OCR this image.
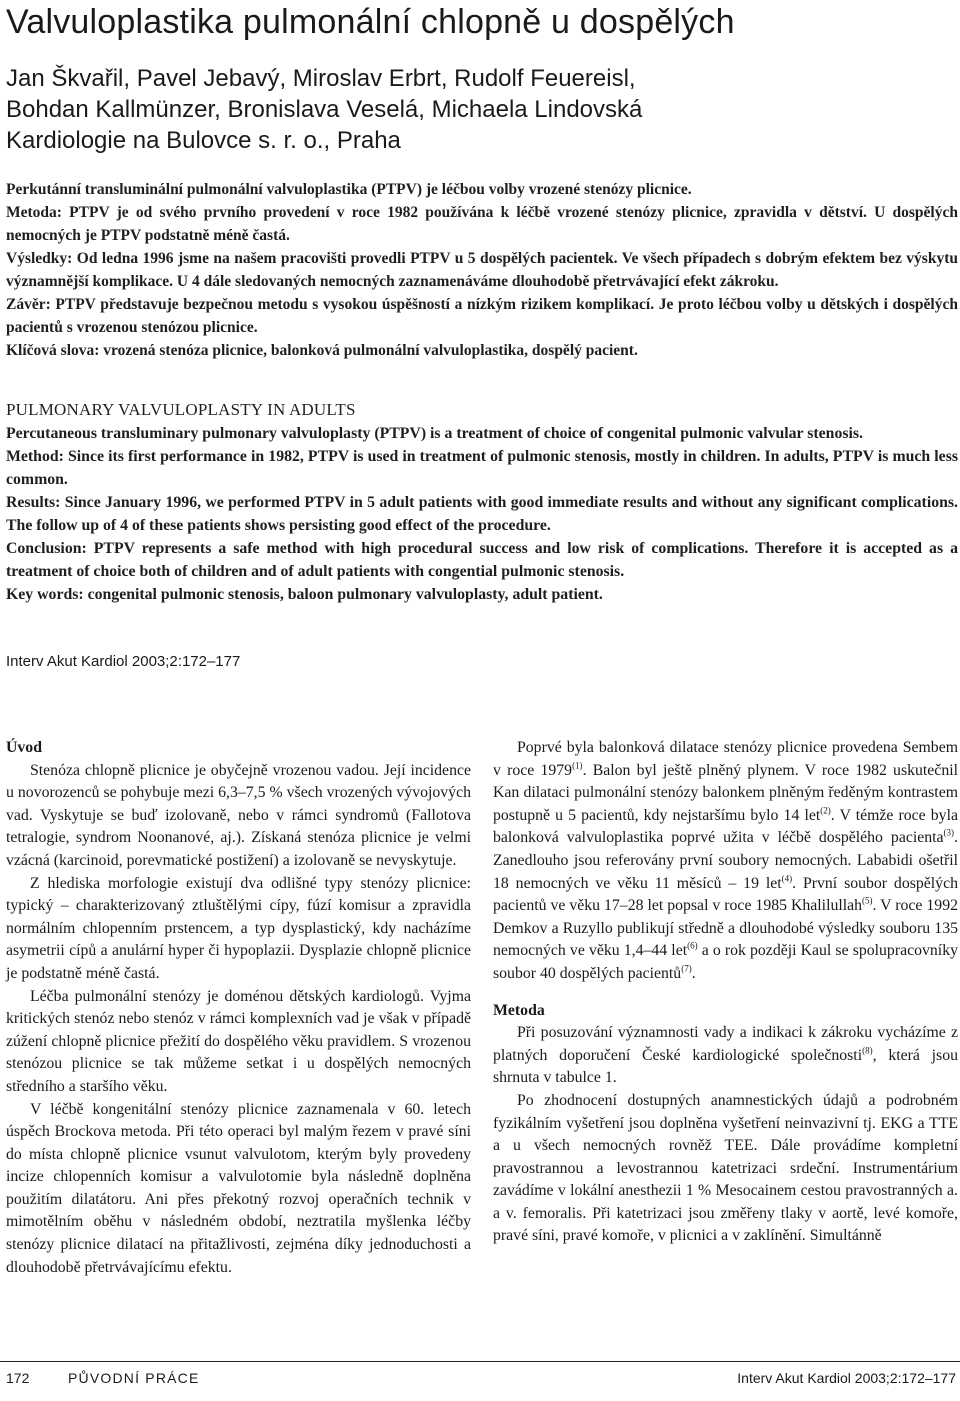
Valvuloplastika pulmonální chlopně u dospělých
Jan Škvařil, Pavel Jebavý, Miroslav Erbrt, Rudolf Feuereisl,
Bohdan Kallmünzer, Bronislava Veselá, Michaela Lindovská
Kardiologie na Bulovce s. r. o., Praha

Perkutánní transluminální pulmonální valvuloplastika (PTPV) je léčbou volby vrozené stenózy plicnice.

Metoda: PTPV je od svého prvního provedení v roce 1982 používána k léčbě vrozené stenózy plicnice, zpravidla v dětství. U dospělých nemocných je PTPV podstatně méně častá.

Výsledky: Od ledna 1996 jsme na našem pracovišti provedli PTPV u 5 dospělých pacientek. Ve všech případech s dobrým efektem bez výskytu významnější komplikace. U 4 dále sledovaných nemocných zaznamenáváme dlouhodobě přetrvávající efekt zákroku.

Závěr: PTPV představuje bezpečnou metodu s vysokou úspěšností a nízkým rizikem komplikací. Je proto léčbou volby u dětských i dospělých pacientů s vrozenou stenózou plicnice.

Klíčová slova: vrozená stenóza plicnice, balonková pulmonální valvuloplastika, dospělý pacient.

PULMONARY VALVULOPLASTY IN ADULTS

Percutaneous transluminary pulmonary valvuloplasty (PTPV) is a treatment of choice of congenital pulmonic valvular stenosis.

Method: Since its first performance in 1982, PTPV is used in treatment of pulmonic stenosis, mostly in children. In adults, PTPV is much less common.

Results: Since January 1996, we performed PTPV in 5 adult patients with good immediate results and without any significant complications. The follow up of 4 of these patients shows persisting good effect of the procedure.

Conclusion: PTPV represents a safe method with high procedural success and low risk of complications. Therefore it is accepted as a treatment of choice both of children and of adult patients with congential pulmonic stenosis.

Key words: congenital pulmonic stenosis, baloon pulmonary valvuloplasty, adult patient.

Interv Akut Kardiol 2003;2:172–177

Úvod

Stenóza chlopně plicnice je obyčejně vrozenou vadou. Její incidence u novorozenců se pohybuje mezi 6,3–7,5 % všech vrozených vývojových vad. Vyskytuje se buď izolovaně, nebo v rámci syndromů (Fallotova tetralogie, syndrom Noonanové, aj.). Získaná stenóza plicnice je velmi vzácná (karcinoid, porevmatické postižení) a izolovaně se nevyskytuje.

Z hlediska morfologie existují dva odlišné typy stenózy plicnice: typický – charakterizovaný ztluštělými cípy, fúzí komisur a zpravidla normálním chlopenním prstencem, a typ dysplastický, kdy nacházíme asymetrii cípů a anulární hyper či hypoplazii. Dysplazie chlopně plicnice je podstatně méně častá.

Léčba pulmonální stenózy je doménou dětských kardiologů. Vyjma kritických stenóz nebo stenóz v rámci komplexních vad je však v případě zúžení chlopně plicnice přežití do dospělého věku pravidlem. S vrozenou stenózou plicnice se tak můžeme setkat i u dospělých nemocných středního a staršího věku.

V léčbě kongenitální stenózy plicnice zaznamenala v 60. letech úspěch Brockova metoda. Při této operaci byl malým řezem v pravé síni do místa chlopně plicnice vsunut valvulotom, kterým byly provedeny incize chlopenních komisur a valvulotomie byla následně doplněna použitím dilatátoru. Ani přes překotný rozvoj operačních technik v mimotělním oběhu v následném období, neztratila myšlenka léčby stenózy plicnice dilatací na přitažlivosti, zejména díky jednoduchosti a dlouhodobě přetrvávajícímu efektu.

Poprvé byla balonková dilatace stenózy plicnice provedena Sembem v roce 1979$^{(1)}$. Balon byl ještě plněný plynem. V roce 1982 uskutečnil Kan dilataci pulmonální stenózy balonkem plněným ředěným kontrastem postupně u 5 pacientů, kdy nejstaršímu bylo 14 let$^{(2)}$. V témže roce byla balonková valvuloplastika poprvé užita v léčbě dospělého pacienta$^{(3)}$. Zanedlouho jsou referovány první soubory nemocných. Lababidi ošetřil 18 nemocných ve věku 11 měsíců – 19 let$^{(4)}$. První soubor dospělých pacientů ve věku 17–28 let popsal v roce 1985 Khalilullah$^{(5)}$. V roce 1992 Demkov a Ruzyllo publikují středně a dlouhodobé výsledky souboru 135 nemocných ve věku 1,4–44 let$^{(6)}$ a o rok později Kaul se spolupracovníky soubor 40 dospělých pacientů$^{(7)}$.

Metoda

Při posuzování významnosti vady a indikaci k zákroku vycházíme z platných doporučení České kardiologické společnosti$^{(8)}$, která jsou shrnuta v tabulce 1.

Po zhodnocení dostupných anamnestických údajů a podrobném fyzikálním vyšetření jsou doplněna vyšetření neinvazivní tj. EKG a TTE a u všech nemocných rovněž TEE. Dále provádíme kompletní pravostrannou a levostrannou katetrizaci srdeční. Instrumentárium zavádíme v lokální anesthezii 1 % Mesocainem cestou pravostranných a. a v. femoralis. Při katetrizaci jsou změřeny tlaky v aortě, levé komoře, pravé síni, pravé komoře, v plicnici a v zaklínění. Simultánně

172	PŮVODNÍ PRÁCE	Interv Akut Kardiol 2003;2:172–177
